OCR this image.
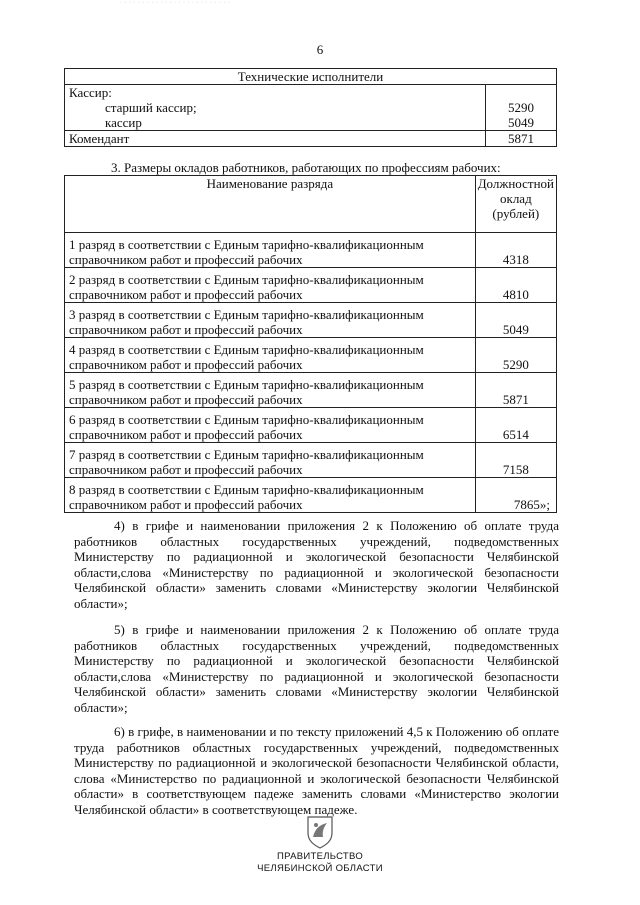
· · · · · · · · · · · · · · · · · · · · · · · · ·
6
Технические исполнители	
Кассир:	
старший кассир;	5290
кассир	5049
Комендант	5871
3. Размеры окладов работников, работающих по профессиям рабочих:
Наименование разряда	Должностной
оклад
(рублей)

1 разряд в соответствии с Единым тарифно-квалификационным
справочником работ и профессий рабочих	4318

2 разряд в соответствии с Единым тарифно-квалификационным
справочником работ и профессий рабочих	4810

3 разряд в соответствии с Единым тарифно-квалификационным
справочником работ и профессий рабочих	5049

4 разряд в соответствии с Единым тарифно-квалификационным
справочником работ и профессий рабочих	5290

5 разряд в соответствии с Единым тарифно-квалификационным
справочником работ и профессий рабочих	5871

6 разряд в соответствии с Единым тарифно-квалификационным
справочником работ и профессий рабочих	6514

7 разряд в соответствии с Единым тарифно-квалификационным
справочником работ и профессий рабочих	7158

8 разряд в соответствии с Единым тарифно-квалификационным
справочником работ и профессий рабочих	7865»;
4) в грифе и наименовании приложения 2 к Положению об оплате труда работников областных государственных учреждений, подведомственных Министерству по радиационной и экологической безопасности Челябинской области,слова «Министерству по радиационной и экологической безопасности Челябинской области» заменить словами «Министерству экологии Челябинской области»;
5) в грифе и наименовании приложения 2 к Положению об оплате труда работников областных государственных учреждений, подведомственных Министерству по радиационной и экологической безопасности Челябинской области,слова «Министерству по радиационной и экологической безопасности Челябинской области» заменить словами «Министерству экологии Челябинской области»;
6) в грифе, в наименовании и по тексту приложений 4,5 к Положению об оплате труда работников областных государственных учреждений, подведомственных Министерству по радиационной и экологической безопасности Челябинской области, слова «Министерство по радиационной и экологической безопасности Челябинской области» в соответствующем падеже заменить словами «Министерство экологии Челябинской области» в соответствующем падеже.
ПРАВИТЕЛЬСТВО
ЧЕЛЯБИНСКОЙ ОБЛАСТИ
